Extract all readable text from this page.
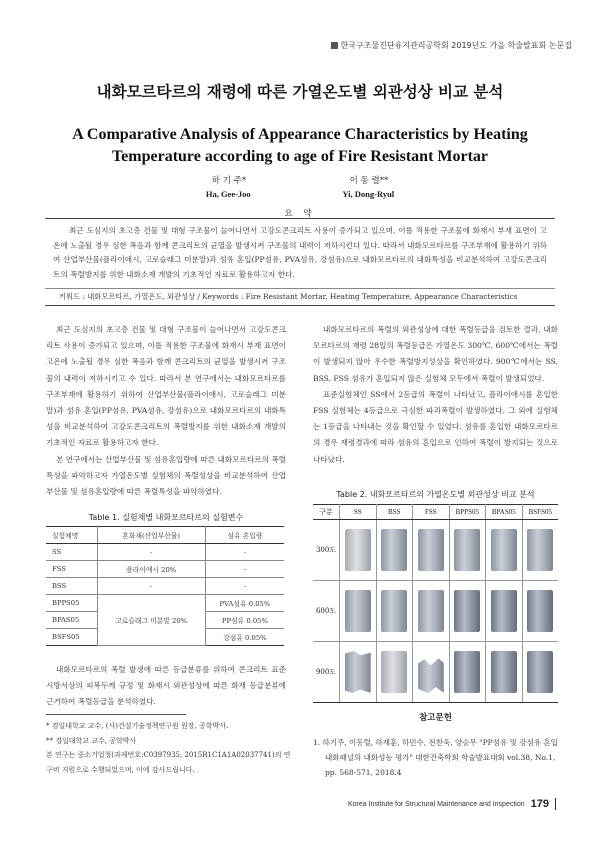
한국구조물진단유지관리공학회 2019년도 가을 학술발표회 논문집
내화모르타르의 재령에 따른 가열온도별 외관성상 비교 분석
A Comparative Analysis of Appearance Characteristics by Heating Temperature according to age of Fire Resistant Mortar
하 기 주*	이 동 렬**
Ha, Gee-Joo	Yi, Dong-Ryul
요 약
최근 도심지의 초고층 건물 및 대형 구조물이 늘어나면서 고강도콘크리트 사용이 증가되고 있으며, 이를 적용한 구조물에 화재시 부재 표면이 고온에 노출될 경우 심한 폭음과 함께 콘크리트의 균열을 발생시켜 구조물의 내력이 저하시킨다 있다. 따라서 내화모르타르를 구조부재에 활용하기 위하여 산업부산물(플라이애시, 고로슬래그 미분말)과 섬유 혼입(PP섬유, PVA섬유, 강섬유)으로 내화모르타르의 내화특성을 비교분석하여 고강도콘크리트의 폭렬방지를 위한 내화소재 개발의 기초적인 자료로 활용하고자 한다.
키워드 : 내화모르타르, 가열온도, 외관성상 / Keywords : Fire Resistant Mortar, Heating Temperature, Appearance Characteristics

최근 도심지의 초고층 건물 및 대형 구조물이 늘어나면서 고강도콘크리트 사용이 증가되고 있으며, 이를 적용한 구조물에 화재시 부재 표면이 고온에 노출될 경우 심한 폭음과 함께 콘크리트의 균열을 발생시켜 구조물의 내력이 저하시키고 수 있다. 따라서 본 연구에서는 내화모르타르를 구조부재에 활용하기 위하여 산업부산물(플라이애시, 고로슬래그 미분말)과 섬유 혼입(PP섬유, PVA섬유, 강섬유)으로 내화모르타르의 내화특성을 비교분석하여 고강도콘크리트의 폭렬방지를 위한 내화소재 개발의 기초적인 자료로 활용하고자 한다.

본 연구에서는 산업부산물 및 섬유혼입량에 따른 내화모르타르의 폭렬 특성을 파악하고자 가열온도별 실험체의 폭렬성상을 비교분석하여 산업부산물 및 섬유혼입량에 따른 폭렬특성을 파악하였다.

Table 1. 실험체별 내화모르타르의 실험변수
실험체명	혼화재(산업부산물)	섬유 혼입량
SS	-	-
FSS	플라이애시 20%	-
BSS	-	-
BPPS05	고로슬래그 미분말 20%	PVA섬유 0.05%
BPAS05		PP섬유 0.05%
BSFS05		강섬유 0.05%

내화모르타르의 폭렬 발생에 따른 등급분류를 위하여 콘크리트 표준 시방서상의 피복두께 규정 및 화재시 외관성상에 따른 화재 등급분류에 근거하여 폭렬등급을 분석하였다.

* 경일대학교 교수, (사)건설기술정책연구원 원장, 공학박사.
** 경일대학교 교수, 공학박사
본 연구는 중소기업청(과제번호:C0397935, 2015R1C1A1A02037741)의 연구비 지원으로 수행되었으며, 이에 감사드립니다.

내화모르타르의 폭렬의 외관성상에 대한 폭렬등급을 검토한 결과, 내화모르타르의 재령 28일의 폭렬등급은 가열온도 300℃, 600℃에서는 폭렬이 발생되지 않아 우수한 폭렬방지성상을 확인하였다. 900℃에서는 SS, BSS, FSS 섬유가 혼입되지 않은 실험체 모두에서 폭렬이 발생되었다.

표준실험체인 SS에서 2등급의 폭렬이 나타났고, 플라이애시를 혼입한 FSS 실험체는 4등급으로 극심한 파괴폭렬이 발생하였다. 그 외에 실험체는 1등급을 나타내는 것을 확인할 수 있었다. 섬유를 혼입한 내화모르타르의 경우 재령경과에 따라 섬유의 혼입으로 인하여 폭렬이 방지되는 것으로 나타났다.

Table 2. 내화모르타르의 가열온도별 외관성상 비교 분석
구분	SS	BSS	FSS	BPPS05	BPAS05	BSFS05
300도	

600도	

900도	

참고문헌
1. 하기주, 이동렬, 하재훈, 하민수, 전찬욱, 양승무 "PP섬유 및 강섬유 혼입 내화패널의 내화성능 평가" 대한건축학회 학술발표대회 vol.38, No.1, pp. 568-571, 2018.4
Korea Institute for Structural Maintenance and Inspection 179
